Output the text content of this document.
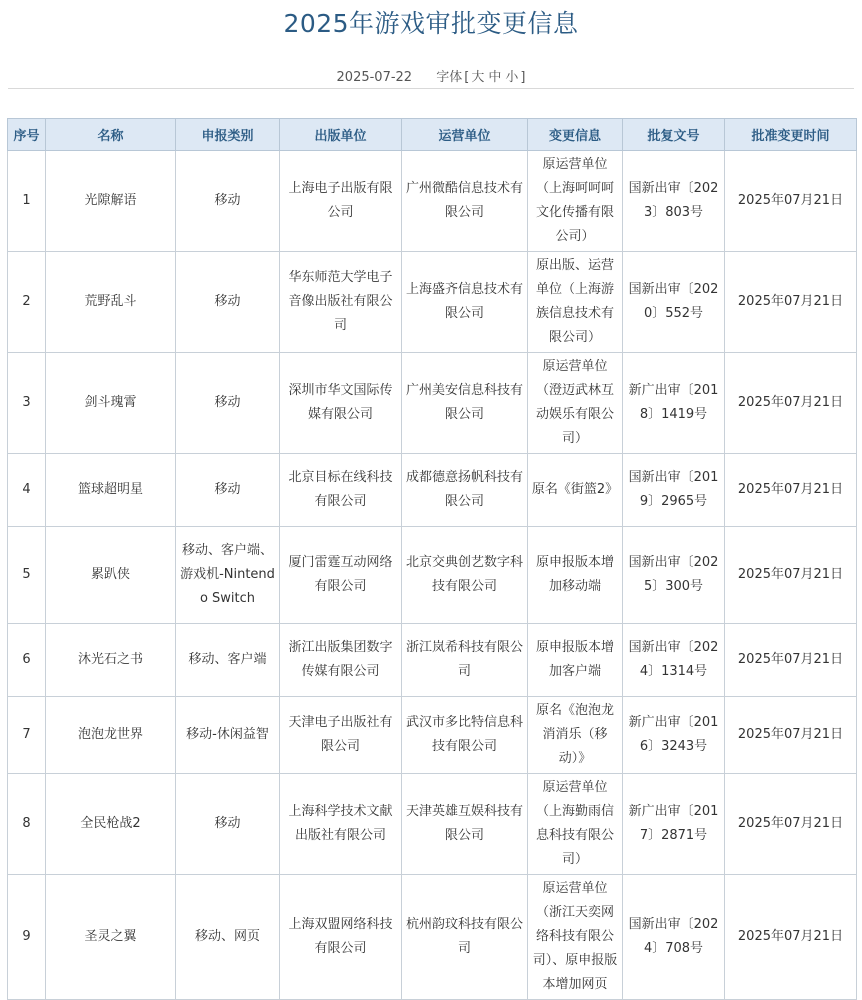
2025年游戏审批变更信息
2025-07-22 字体 [ 大 中 小 ]
序号	名称	申报类别	出版单位	运营单位	变更信息	批复文号	批准变更时间
1	光隙解语	移动	上海电子出版有限公司	广州微酷信息技术有限公司	原运营单位（上海呵呵呵文化传播有限公司）	国新出审〔2023〕803号	2025年07月21日
2	荒野乱斗	移动	华东师范大学电子音像出版社有限公司	上海盛齐信息技术有限公司	原出版、运营单位（上海游族信息技术有限公司）	国新出审〔2020〕552号	2025年07月21日
3	剑斗瑰霄	移动	深圳市华文国际传媒有限公司	广州美安信息科技有限公司	原运营单位（澄迈武林互动娱乐有限公司）	新广出审〔2018〕1419号	2025年07月21日
4	篮球超明星	移动	北京目标在线科技有限公司	成都德意扬帆科技有限公司	原名《街篮2》	国新出审〔2019〕2965号	2025年07月21日
5	累趴侠	移动、客户端、游戏机-Nintendo Switch	厦门雷霆互动网络有限公司	北京交典创艺数字科技有限公司	原申报版本增加移动端	国新出审〔2025〕300号	2025年07月21日
6	沐光石之书	移动、客户端	浙江出版集团数字传媒有限公司	浙江岚希科技有限公司	原申报版本增加客户端	国新出审〔2024〕1314号	2025年07月21日
7	泡泡龙世界	移动-休闲益智	天津电子出版社有限公司	武汉市多比特信息科技有限公司	原名《泡泡龙消消乐（移动）》	新广出审〔2016〕3243号	2025年07月21日
8	全民枪战2	移动	上海科学技术文献出版社有限公司	天津英雄互娱科技有限公司	原运营单位（上海勤雨信息科技有限公司）	新广出审〔2017〕2871号	2025年07月21日
9	圣灵之翼	移动、网页	上海双盟网络科技有限公司	杭州韵玟科技有限公司	原运营单位（浙江天奕网络科技有限公司）、原申报版本增加网页	国新出审〔2024〕708号	2025年07月21日
